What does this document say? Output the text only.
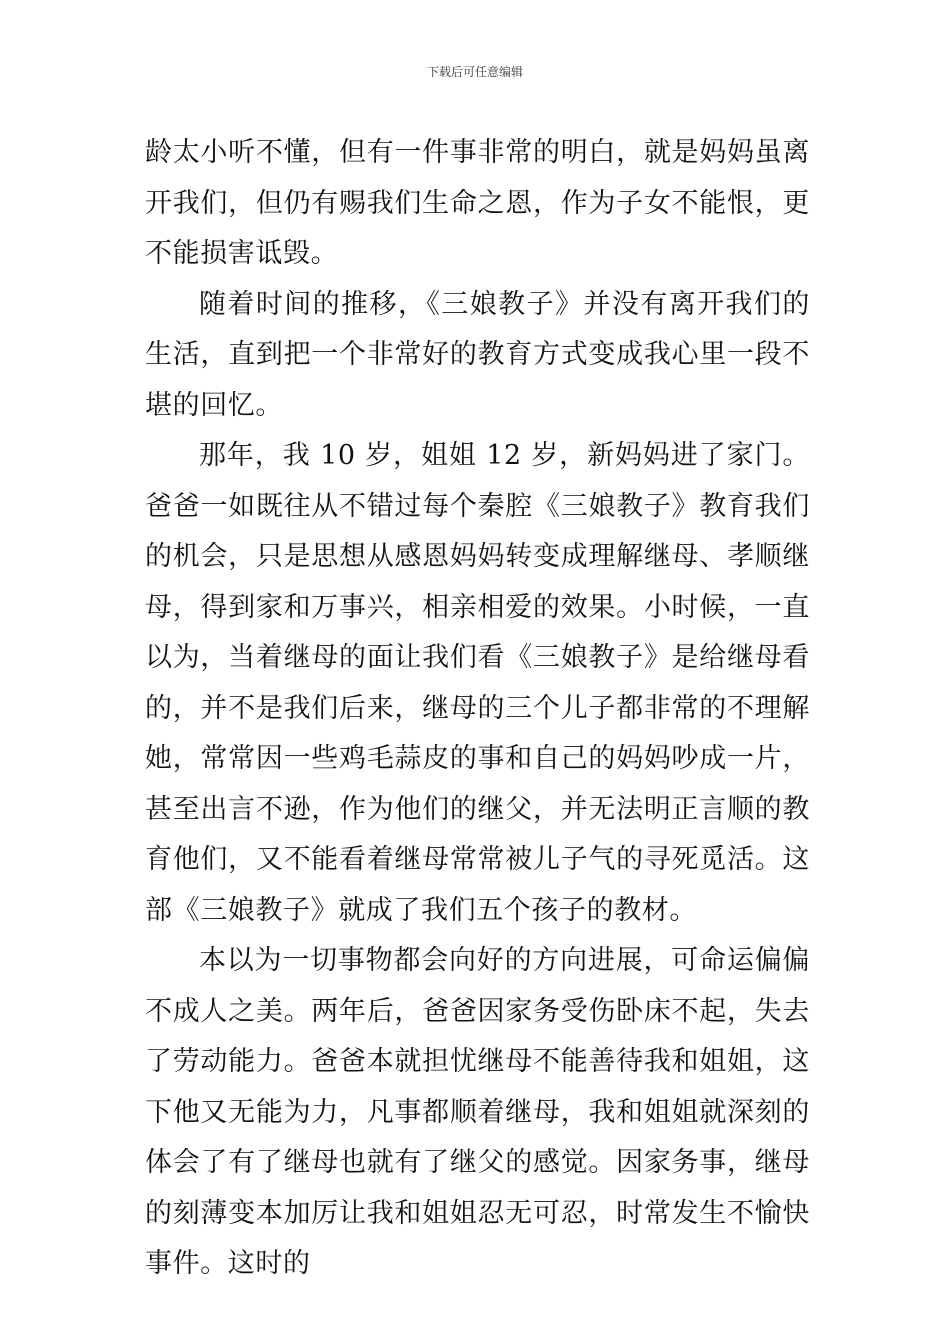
下载后可任意编辑

龄太小听不懂，但有一件事非常的明白，就是妈妈虽离开我们，但仍有赐我们生命之恩，作为子女不能恨，更不能损害诋毁。

随着时间的推移，《三娘教子》并没有离开我们的生活，直到把一个非常好的教育方式变成我心里一段不堪的回忆。

那年，我 10 岁，姐姐 12 岁，新妈妈进了家门。爸爸一如既往从不错过每个秦腔《三娘教子》教育我们的机会，只是思想从感恩妈妈转变成理解继母、孝顺继母，得到家和万事兴，相亲相爱的效果。小时候，一直以为，当着继母的面让我们看《三娘教子》是给继母看的，并不是我们后来，继母的三个儿子都非常的不理解她，常常因一些鸡毛蒜皮的事和自己的妈妈吵成一片，甚至出言不逊，作为他们的继父，并无法明正言顺的教育他们，又不能看着继母常常被儿子气的寻死觅活。这部《三娘教子》就成了我们五个孩子的教材。

本以为一切事物都会向好的方向进展，可命运偏偏不成人之美。两年后，爸爸因家务受伤卧床不起，失去了劳动能力。爸爸本就担忧继母不能善待我和姐姐，这下他又无能为力，凡事都顺着继母，我和姐姐就深刻的体会了有了继母也就有了继父的感觉。因家务事，继母的刻薄变本加厉让我和姐姐忍无可忍，时常发生不愉快事件。这时的
